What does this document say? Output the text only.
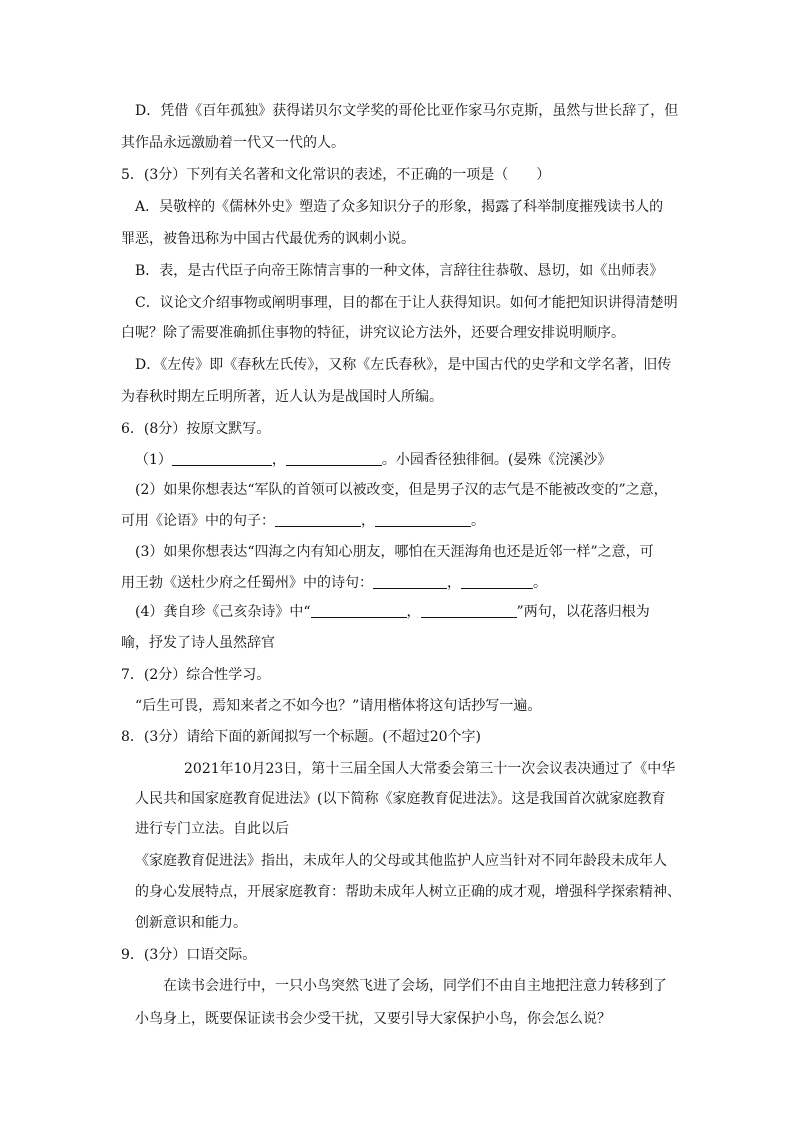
D．凭借《百年孤独》获得诺贝尔文学奖的哥伦比亚作家马尔克斯，虽然与世长辞了，但
其作品永远激励着一代又一代的人。
5．(3分）下列有关名著和文化常识的表述，不正确的一项是（　　）
A．吴敬梓的《儒林外史》塑造了众多知识分子的形象，揭露了科举制度摧残读书人的
罪恶，被鲁迅称为中国古代最优秀的讽刺小说。
B．表，是古代臣子向帝王陈情言事的一种文体，言辞往往恭敬、恳切，如《出师表》
C．议论文介绍事物或阐明事理，目的都在于让人获得知识。如何才能把知识讲得清楚明
白呢？除了需要准确抓住事物的特征，讲究议论方法外，还要合理安排说明顺序。
D．《左传》即《春秋左氏传》，又称《左氏春秋》，是中国古代的史学和文学名著，旧传
为春秋时期左丘明所著，近人认为是战国时人所编。
6．(8分）按原文默写。
（1）	，	。小园香径独徘徊。(晏殊《浣溪沙》
(2）如果你想表达“军队的首领可以被改变，但是男子汉的志气是不能被改变的”之意，
可用《论语》中的句子：	，	。
(3）如果你想表达“四海之内有知心朋友，哪怕在天涯海角也还是近邻一样”之意，可
用王勃《送杜少府之任蜀州》中的诗句：	，	。
(4）龚自珍《己亥杂诗》中“	，	”两句，以花落归根为
喻，抒发了诗人虽然辞官
7．(2分）综合性学习。
“后生可畏，焉知来者之不如今也？”请用楷体将这句话抄写一遍。
8．(3分）请给下面的新闻拟写一个标题。(不超过20个字)
2021年10月23日，第十三届全国人大常委会第三十一次会议表决通过了《中华
人民共和国家庭教育促进法》(以下简称《家庭教育促进法》。这是我国首次就家庭教育
进行专门立法。自此以后
《家庭教育促进法》指出，未成年人的父母或其他监护人应当针对不同年龄段未成年人
的身心发展特点，开展家庭教育：帮助未成年人树立正确的成才观，增强科学探索精神、
创新意识和能力。
9．(3分）口语交际。
在读书会进行中，一只小鸟突然飞进了会场，同学们不由自主地把注意力转移到了
小鸟身上，既要保证读书会少受干扰，又要引导大家保护小鸟，你会怎么说？
